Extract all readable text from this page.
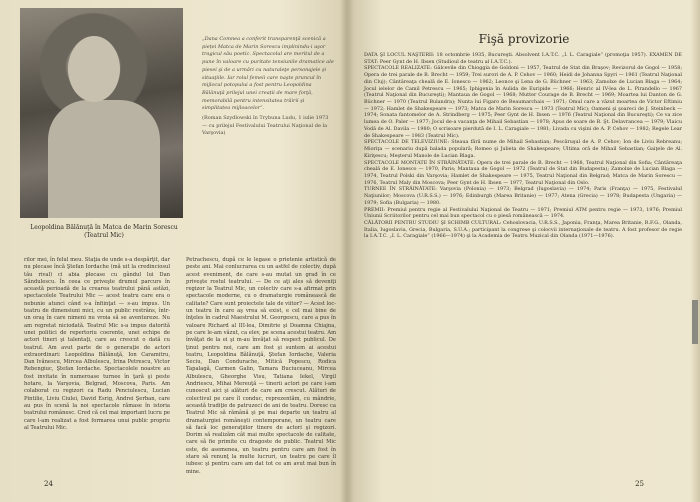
Leopoldina Bălănuţă în Matca de Marin Sorescu (Teatrul Mic)

„Dana Comnea a conferit transparenţă scenică a pieței Matca de Marin Sorescu implinindu-i uşor tragicul său poetic. Spectacolul are meritul de a pune în valoare cu puritate tensiunile dramatice ale piesei şi de a urmări cu naturaleţe personajele şi situaţiile. Iar rolul femeii care naşte pruncul în mijlocul potopului a fost pentru Leopoldina Bălănuţă prilejul unei creații de mare forţă, memorabilă pentru intensitatea trăirii şi simplitatea mijloacelor“.

(Roman Szydlowski în Trybuna Ludu, 1 iulie 1973 — cu prilejul Festivalului Teatrului Naţional de la Varşovia)

rilor mei, în felul meu. Staţia de unde s-a despărţit, dar nu plecase încă Ştefan Iordache (mă uit la credinciosul tău rival) ci abia plecase cu gândul lui Dan Săndulescu. În ceea ce priveşte drumul parcurs în această perioadă de la crearea teatrului până astăzi, spectacolele Teatrului Mic — acest teatru care era o nebunie atunci când s-a înfiinţat — s-au impus. Un teatru de dimensiuni mici, cu un public restrâns, într-un oraş în care nimeni nu vroia să se aventureze. Nu am regretat niciodată. Teatrul Mic s-a impus datorită unei politici de repertoriu coerente, unei echipe de actori tineri şi talentaţi, care au crescut o dată cu teatrul. Am avut parte de o generaţie de actori extraordinari: Leopoldina Bălănuţă, Ion Caramitru, Dan Ivănescu, Mircea Albulescu, Irina Petrescu, Victor Rebengiuc, Ştefan Iordache. Spectacolele noastre au fost invitate în numeroase turnee în ţară şi peste hotare, la Varşovia, Belgrad, Moscova, Paris. Am colaborat cu regizori ca Radu Penciulescu, Lucian Pintilie, Liviu Ciulei, David Esrig, Andrei Şerban, care au pus în scenă la noi spectacole rămase în istoria teatrului românesc. Cred că cel mai important lucru pe care l-am realizat a fost formarea unui public propriu al Teatrului Mic.

Petrachescu, după ce le legase o prietenie artistică de peste ani. Mai conlucrarea cu un astfel de colectiv, după acest eveniment, de care s-au mutat un grad în ce priveşte rostul teatrului. — De ce aţi ales să deveniţi regizor la Teatrul Mic, un colectiv care s-a afirmat prin spectacole moderne, cu o dramaturgie românească de calitate? Care sunt proiectele tale de viitor? — Acest loc-un teatru în care aş vrea să exist, e cel mai bine de înţeles în cadrul Maestrului M. Georgescu, care a pus în valoare Richard al III-lea, Dimitrie şi Doamna Chiajna, pe care le-am văzut, ca elev, pe scena acestui teatru. Am învăţat de la ei şi m-au învăţat să respect publicul. De ţinut pentru noi, care am fost şi suntem ai acestui teatru, Leopoldina Bălănuţă, Ştefan Iordache, Valeria Seciu, Dan Condurache, Mitică Popescu, Rodica Tapalagă, Carmen Galin, Tamara Buciuceanu, Mircea Albulescu, Gheorghe Visu, Tatiana Iekel, Virgil Andriescu, Mihai Mereuţă — tinerii actori pe care i-am cunoscut aici şi alături de care am crescut. Alături de colectivul pe care îl conduc, reprezentăm, cu mândrie, această tradiţie de patruzeci de ani de teatru. Doresc ca Teatrul Mic să rămână şi pe mai departe un teatru al dramaturgiei româneşti contemporane, un teatru care să facă loc generaţiilor tinere de actori şi regizori. Dorim să realizăm cât mai multe spectacole de calitate, care să fie primite cu dragoste de public. Teatrul Mic este, de asemenea, un teatru pentru care am fost în stare să renunţ la multe lucruri, un teatru pe care îl iubesc şi pentru care am dat tot ce am avut mai bun în mine.

24
Fişă provizorie

DATA ŞI LOCUL NAŞTERII: 18 octombrie 1935, Bucureşti. Absolvent I.A.T.C. „I. L. Caragiale“ (promoţia 1957). EXAMEN DE STAT: Peer Gynt de H. Ibsen (Studioul de teatru al I.A.T.C.).

SPECTACOLE REALIZATE: Gâlcevile din Chioggia de Goldoni — 1957, Teatrul de Stat din Braşov; Revizorul de Gogol — 1958; Opera de trei parale de B. Brecht — 1959; Trei surori de A. P. Cehov — 1960; Heidi de Johanna Spyri — 1961 (Teatrul Naţional din Cluj); Cântăreaţa cheală de E. Ionesco — 1962; Leonce şi Lena de G. Büchner — 1963; Zamolxe de Lucian Blaga — 1964; Jocul ielelor de Camil Petrescu — 1965; Iphigenia în Aulida de Euripide — 1966; Henric al IV-lea de L. Pirandello — 1967 (Teatrul Naţional din Bucureşti); Mantaua de Gogol — 1968; Mutter Courage de B. Brecht — 1969; Moartea lui Danton de G. Büchner — 1970 (Teatrul Bulandra); Nunta lui Figaro de Beaumarchais — 1971; Omul care a văzut moartea de Victor Eftimiu — 1972; Hamlet de Shakespeare — 1973; Matca de Marin Sorescu — 1973 (Teatrul Mic); Oameni şi şoareci de J. Steinbeck — 1974; Sonata fantomelor de A. Strindberg — 1975; Peer Gynt de H. Ibsen — 1976 (Teatrul Naţional din Bucureşti); Ce va zice lumea de O. Paler — 1977; Jocul de-a vacanţa de Mihail Sebastian — 1978; Apus de soare de B. Şt. Delavrancea — 1979; Vlaicu Vodă de Al. Davila — 1980; O scrisoare pierdută de I. L. Caragiale — 1981; Livada cu vişini de A. P. Cehov — 1982; Regele Lear de Shakespeare — 1983 (Teatrul Mic).

SPECTACOLE DE TELEVIZIUNE: Steaua fără nume de Mihail Sebastian; Pescăruşul de A. P. Cehov; Ion de Liviu Rebreanu; Mioriţa — scenariu după balada populară; Romeo şi Julieta de Shakespeare; Ultima oră de Mihail Sebastian; Gaiţele de Al. Kiriţescu; Meşterul Manole de Lucian Blaga.

SPECTACOLE MONTATE ÎN STRĂINĂTATE: Opera de trei parale de B. Brecht — 1968, Teatrul Naţional din Sofia; Cântăreaţa cheală de E. Ionesco — 1970, Paris; Mantaua de Gogol — 1972 (Teatrul de Stat din Budapesta); Zamolxe de Lucian Blaga — 1974, Teatrul Polski din Varşovia; Hamlet de Shakespeare — 1975, Teatrul Naţional din Belgrad; Matca de Marin Sorescu — 1976, Teatrul Maly din Moscova; Peer Gynt de H. Ibsen — 1977, Teatrul Naţional din Oslo.

TURNEE ÎN STRĂINĂTATE: Varşovia (Polonia) — 1973; Belgrad (Iugoslavia) — 1974; Paris (Franţa) — 1975, Festivalul Naţiunilor; Moscova (U.R.S.S.) — 1976; Edinburgh (Marea Britanie) — 1977; Atena (Grecia) — 1978; Budapesta (Ungaria) — 1979; Sofia (Bulgaria) — 1980.

PREMII: Premiul pentru regie al Festivalului Naţional de Teatru — 1971; Premiul ATM pentru regie — 1973, 1976; Premiul Uniunii Scriitorilor pentru cel mai bun spectacol cu o piesă românească — 1974.

CĂLĂTORII PENTRU STUDIU ŞI SCHIMB CULTURAL: Cehoslovacia, U.R.S.S., Japonia, Franţa, Marea Britanie, R.F.G., Olanda, Italia, Iugoslavia, Grecia, Bulgaria, S.U.A.; participant la congrese şi colocvii internaţionale de teatru. A fost profesor de regie la I.A.T.C. „I. L. Caragiale“ (1966—1974) şi la Academia de Teatru Muzical din Olanda (1971—1976).

25
